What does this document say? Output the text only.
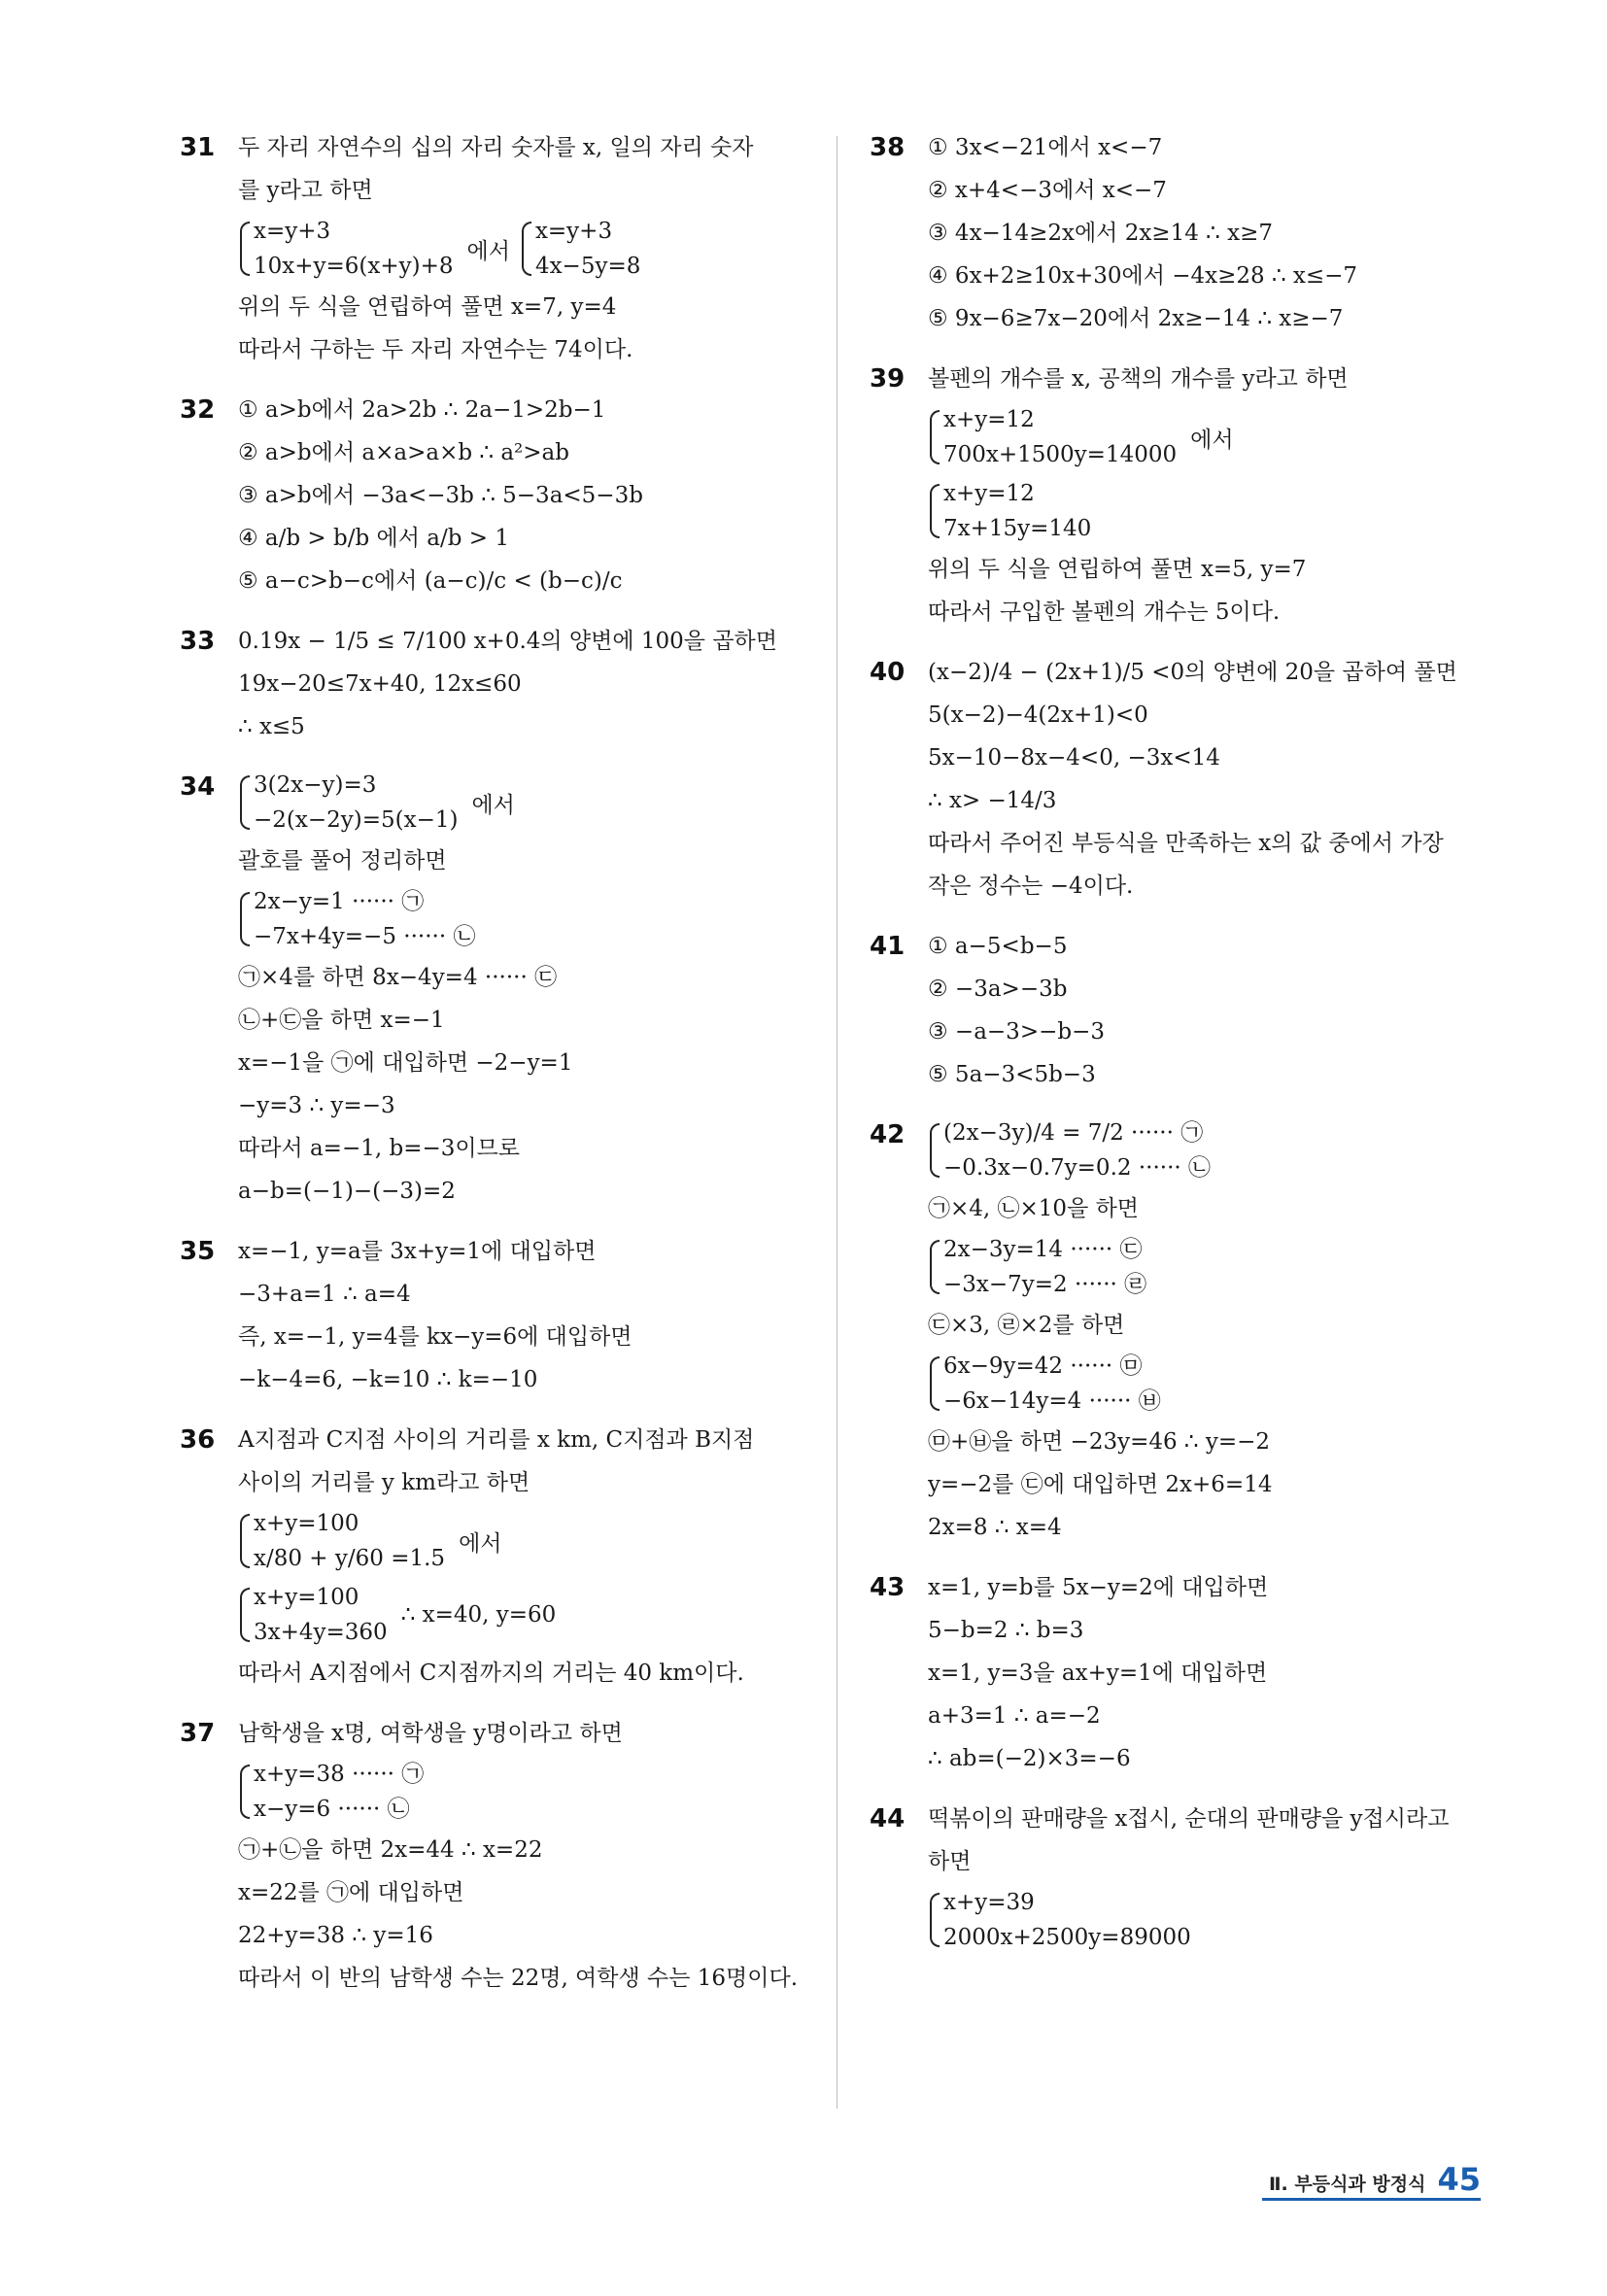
31 두 자리 자연수의 십의 자리 숫자를 x, 일의 자리 숫자
를 y라고 하면
x=y+3
10x+y=6(x+y)+8
에서
x=y+3
4x−5y=8
위의 두 식을 연립하여 풀면 x=7, y=4
따라서 구하는 두 자리 자연수는 74이다.
32 ① a>b에서 2a>2b ∴ 2a−1>2b−1
② a>b에서 a×a>a×b ∴ a²>ab
③ a>b에서 −3a<−3b ∴ 5−3a<5−3b
④ a/b > b/b 에서 a/b > 1
⑤ a−c>b−c에서 (a−c)/c < (b−c)/c
33 0.19x − 1/5 ≤ 7/100 x+0.4의 양변에 100을 곱하면
19x−20≤7x+40, 12x≤60
∴ x≤5
34 3(2x−y)=3
−2(x−2y)=5(x−1)
에서
괄호를 풀어 정리하면
2x−y=1 ······ ㉠
−7x+4y=−5 ······ ㉡
㉠×4를 하면 8x−4y=4 ······ ㉢
㉡+㉢을 하면 x=−1
x=−1을 ㉠에 대입하면 −2−y=1
−y=3 ∴ y=−3
따라서 a=−1, b=−3이므로
a−b=(−1)−(−3)=2
35 x=−1, y=a를 3x+y=1에 대입하면
−3+a=1 ∴ a=4
즉, x=−1, y=4를 kx−y=6에 대입하면
−k−4=6, −k=10 ∴ k=−10
36 A지점과 C지점 사이의 거리를 x km, C지점과 B지점
사이의 거리를 y km라고 하면
x+y=100
x/80 + y/60 =1.5
에서
x+y=100
3x+4y=360
∴ x=40, y=60
따라서 A지점에서 C지점까지의 거리는 40 km이다.
37 남학생을 x명, 여학생을 y명이라고 하면
x+y=38 ······ ㉠
x−y=6 ······ ㉡
㉠+㉡을 하면 2x=44 ∴ x=22
x=22를 ㉠에 대입하면
22+y=38 ∴ y=16
따라서 이 반의 남학생 수는 22명, 여학생 수는 16명이다.
38 ① 3x<−21에서 x<−7
② x+4<−3에서 x<−7
③ 4x−14≥2x에서 2x≥14 ∴ x≥7
④ 6x+2≥10x+30에서 −4x≥28 ∴ x≤−7
⑤ 9x−6≥7x−20에서 2x≥−14 ∴ x≥−7
39 볼펜의 개수를 x, 공책의 개수를 y라고 하면
x+y=12
700x+1500y=14000
에서
x+y=12
7x+15y=140
위의 두 식을 연립하여 풀면 x=5, y=7
따라서 구입한 볼펜의 개수는 5이다.
40 (x−2)/4 − (2x+1)/5 <0의 양변에 20을 곱하여 풀면
5(x−2)−4(2x+1)<0
5x−10−8x−4<0, −3x<14
∴ x> −14/3
따라서 주어진 부등식을 만족하는 x의 값 중에서 가장
작은 정수는 −4이다.
41 ① a−5<b−5
② −3a>−3b
③ −a−3>−b−3
⑤ 5a−3<5b−3
42 (2x−3y)/4 = 7/2 ······ ㉠
−0.3x−0.7y=0.2 ······ ㉡
㉠×4, ㉡×10을 하면
2x−3y=14 ······ ㉢
−3x−7y=2 ······ ㉣
㉢×3, ㉣×2를 하면
6x−9y=42 ······ ㉤
−6x−14y=4 ······ ㉥
㉤+㉥을 하면 −23y=46 ∴ y=−2
y=−2를 ㉢에 대입하면 2x+6=14
2x=8 ∴ x=4
43 x=1, y=b를 5x−y=2에 대입하면
5−b=2 ∴ b=3
x=1, y=3을 ax+y=1에 대입하면
a+3=1 ∴ a=−2
∴ ab=(−2)×3=−6
44 떡볶이의 판매량을 x접시, 순대의 판매량을 y접시라고
하면
x+y=39
2000x+2500y=89000
Ⅱ. 부등식과 방정식 45
